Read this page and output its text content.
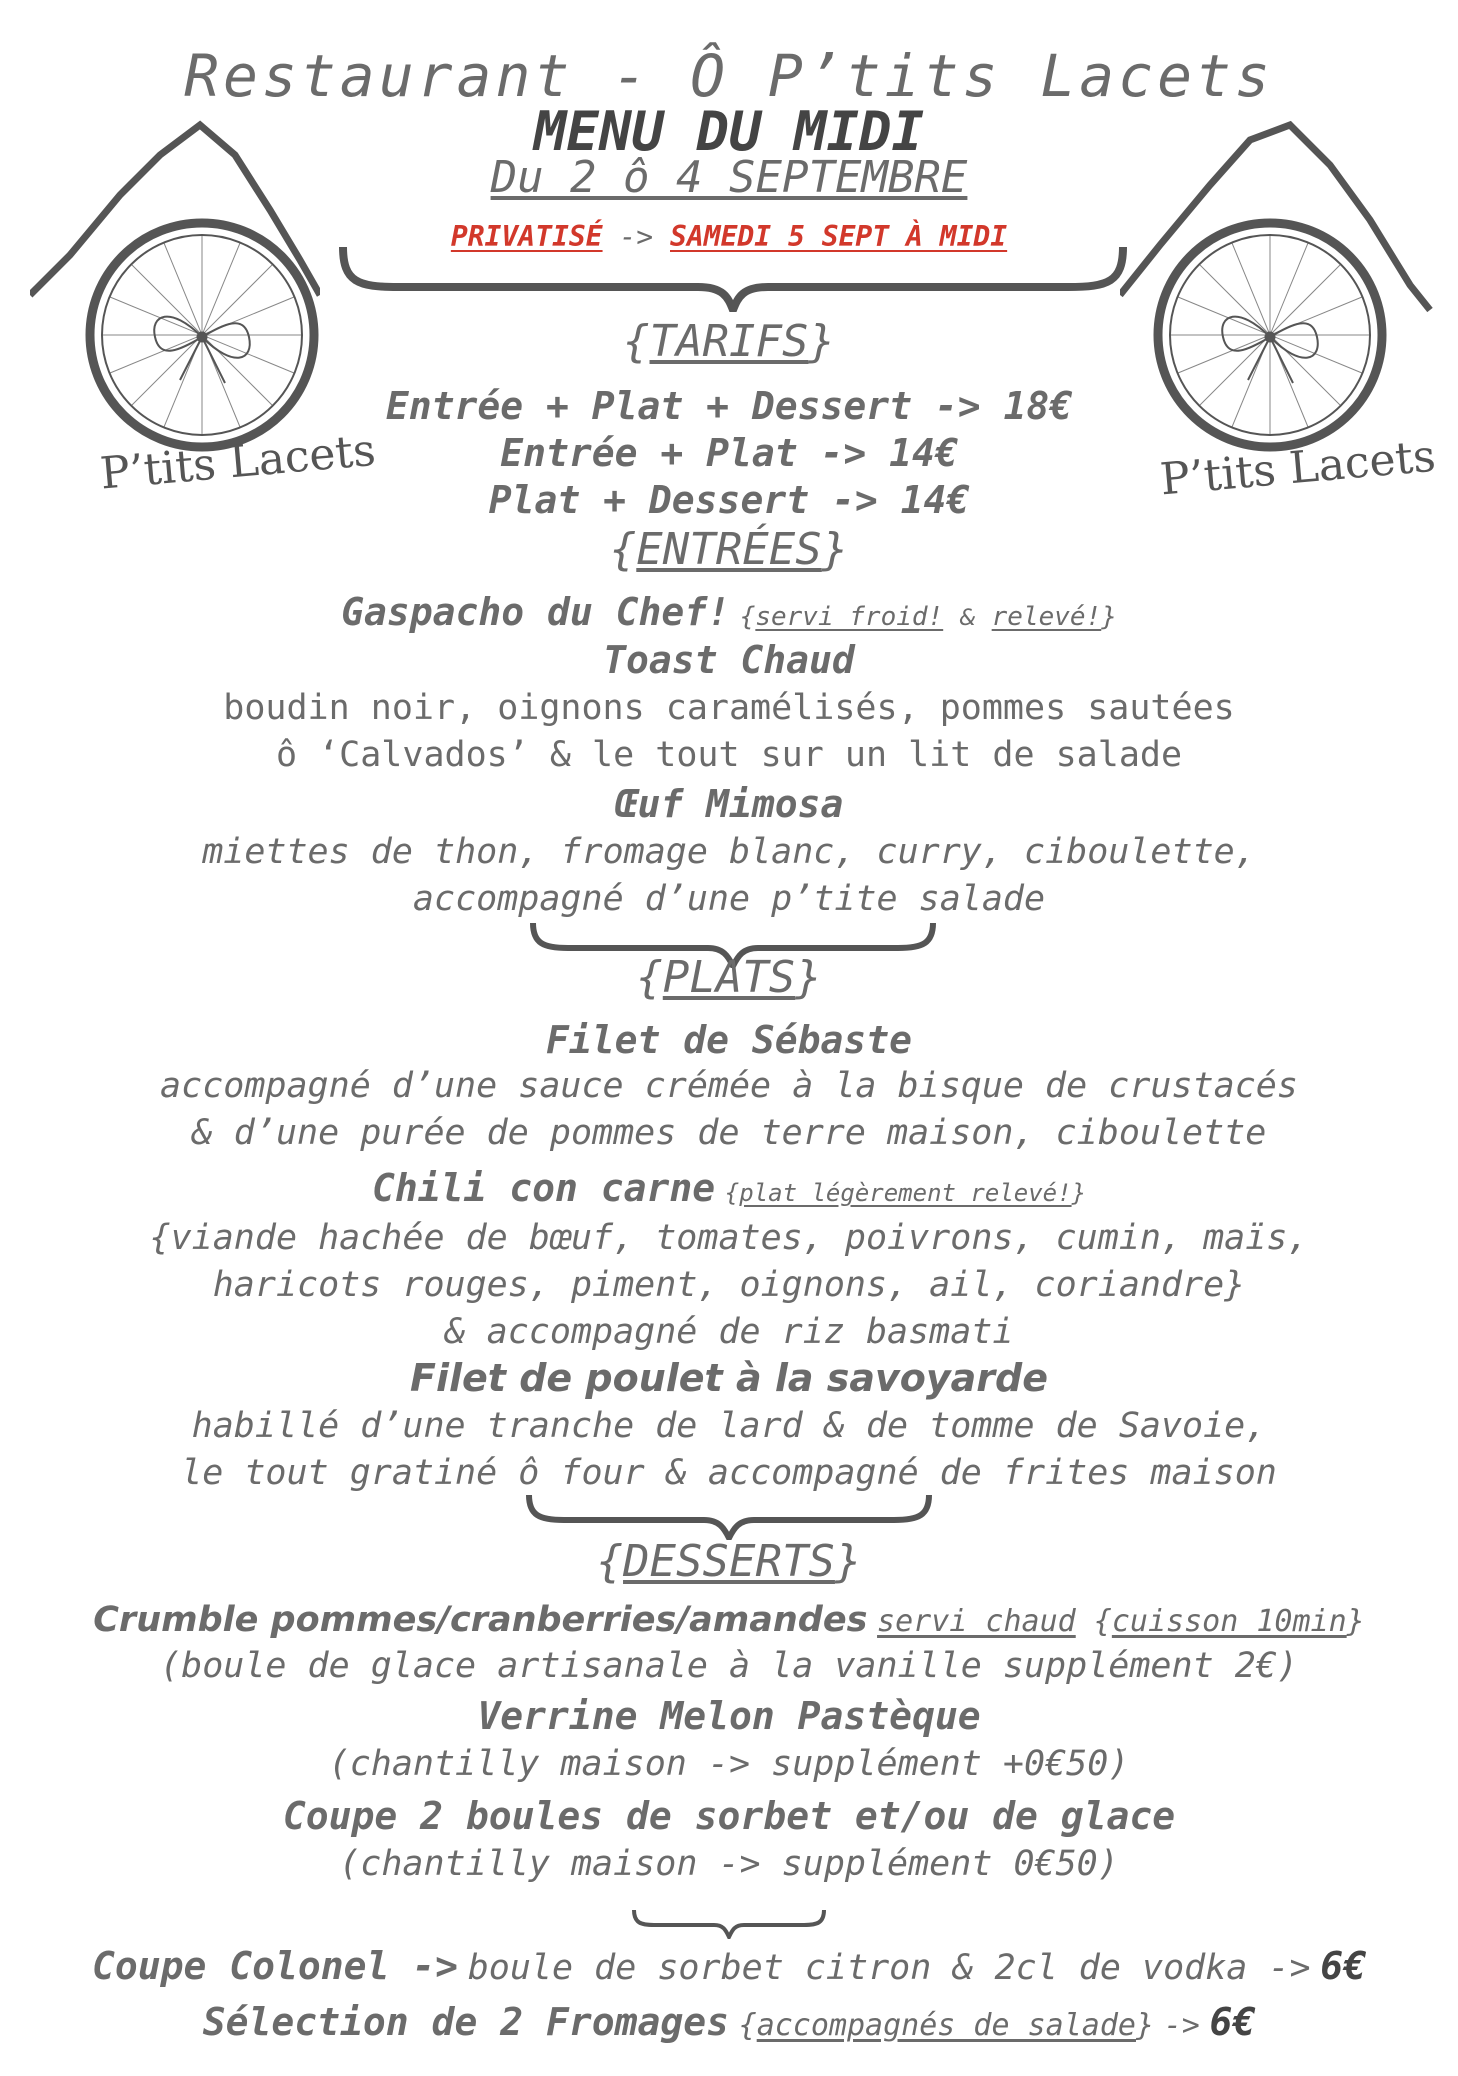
P’tits Lacets	P’tits Lacets
Restaurant - Ô P’tits Lacets
MENU DU MIDI
Du 2 ô 4 SEPTEMBRE
PRIVATISÉ -> SAMEDI 5 SEPT À MIDI
{TARIFS}
Entrée + Plat + Dessert -> 18€
Entrée + Plat -> 14€
Plat + Dessert -> 14€
{ENTRÉES}
Gaspacho du Chef! {servi froid! & relevé!}
Toast Chaud
boudin noir, oignons caramélisés, pommes sautées
ô ‘Calvados’ & le tout sur un lit de salade
Œuf Mimosa
miettes de thon, fromage blanc, curry, ciboulette,
accompagné d’une p’tite salade
{PLATS}
Filet de Sébaste
accompagné d’une sauce crémée à la bisque de crustacés
& d’une purée de pommes de terre maison, ciboulette
Chili con carne {plat légèrement relevé!}
{viande hachée de bœuf, tomates, poivrons, cumin, maïs,
haricots rouges, piment, oignons, ail, coriandre}
& accompagné de riz basmati
Filet de poulet à la savoyarde
habillé d’une tranche de lard & de tomme de Savoie,
le tout gratiné ô four & accompagné de frites maison
{DESSERTS}
Crumble pommes/cranberries/amandes servi chaud {cuisson 10min}
(boule de glace artisanale à la vanille supplément 2€)
Verrine Melon Pastèque
(chantilly maison -> supplément +0€50)
Coupe 2 boules de sorbet et/ou de glace
(chantilly maison -> supplément 0€50)
Coupe Colonel -> boule de sorbet citron & 2cl de vodka -> 6€
Sélection de 2 Fromages {accompagnés de salade} -> 6€
